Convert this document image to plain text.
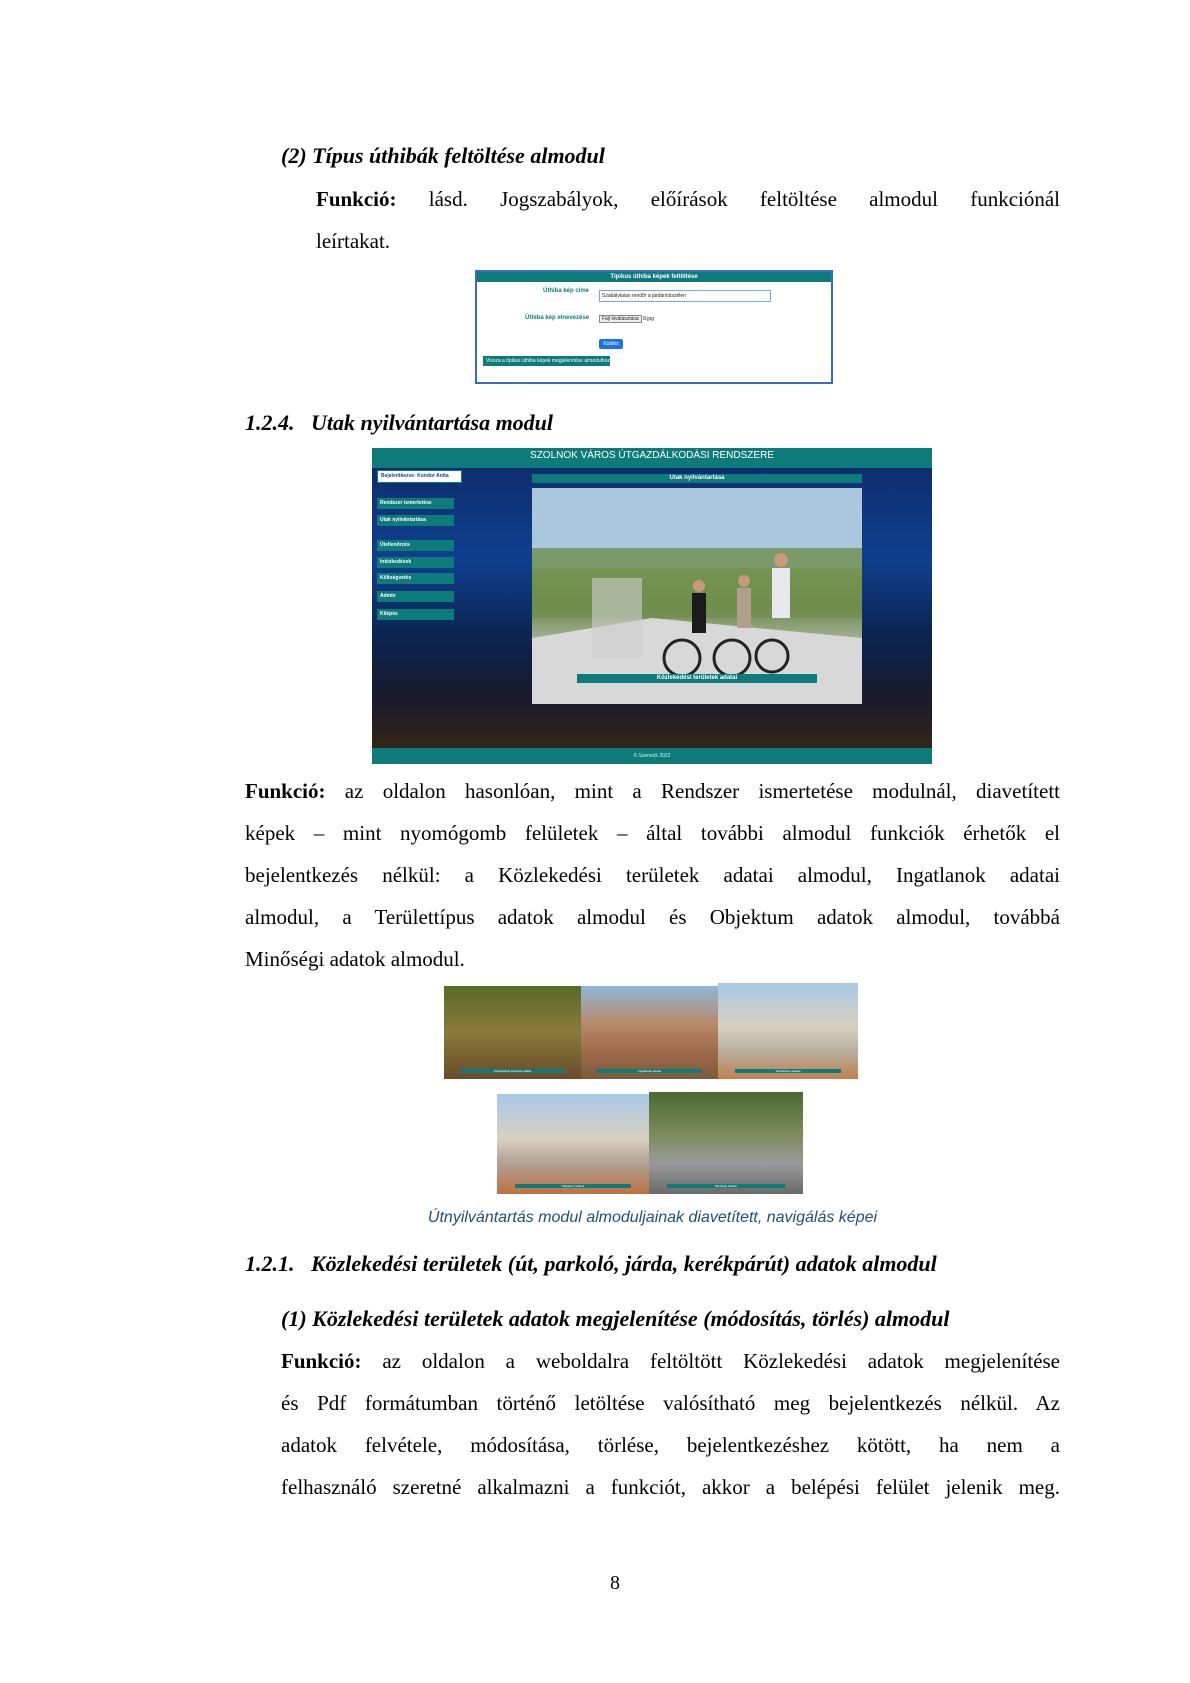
(2) Típus úthibák feltöltése almodul
Funkció: lásd. Jogszabályok, előírások feltöltése almodul funkciónál
leírtakat.
Típikus úthiba képek feltöltése
Úthiba kép címe
Szabálytalan rendőr a járdán/útszélen
Úthiba kép elnevezése	Fájl kiválasztása 8.jpg
Küldés
Vissza a típikus úthiba képek megjelenítése almodulhoz
1.2.4. Utak nyilvántartása modul
SZOLNOK VÁROS ÚTGAZDÁLKODÁSI RENDSZERE
Bejelentkezve: Kondor Anita
Rendszer ismertetése
Utak nyilvántartása
Útellenőrzés
Intézkedések
Költségvetés
Admin
Kilépés
Utak nyilvántartása
Közlekedési területek adatai
© Szeneck 2022
Funkció: az oldalon hasonlóan, mint a Rendszer ismertetése modulnál, diavetített
képek – mint nyomógomb felületek – által további almodul funkciók érhetők el
bejelentkezés nélkül: a Közlekedési területek adatai almodul, Ingatlanok adatai
almodul, a Területtípus adatok almodul és Objektum adatok almodul, továbbá
Minőségi adatok almodul.
Közlekedési területek adatai	Ingatlanok adatai	Területtípus adatok
Objektum adatok	Minőségi adatok
Útnyilvántartás modul almoduljainak diavetített, navigálás képei
1.2.1. Közlekedési területek (út, parkoló, járda, kerékpárút) adatok almodul
(1) Közlekedési területek adatok megjelenítése (módosítás, törlés) almodul
Funkció: az oldalon a weboldalra feltöltött Közlekedési adatok megjelenítése
és Pdf formátumban történő letöltése valósítható meg bejelentkezés nélkül. Az
adatok felvétele, módosítása, törlése, bejelentkezéshez kötött, ha nem a
felhasználó szeretné alkalmazni a funkciót, akkor a belépési felület jelenik meg.
8
